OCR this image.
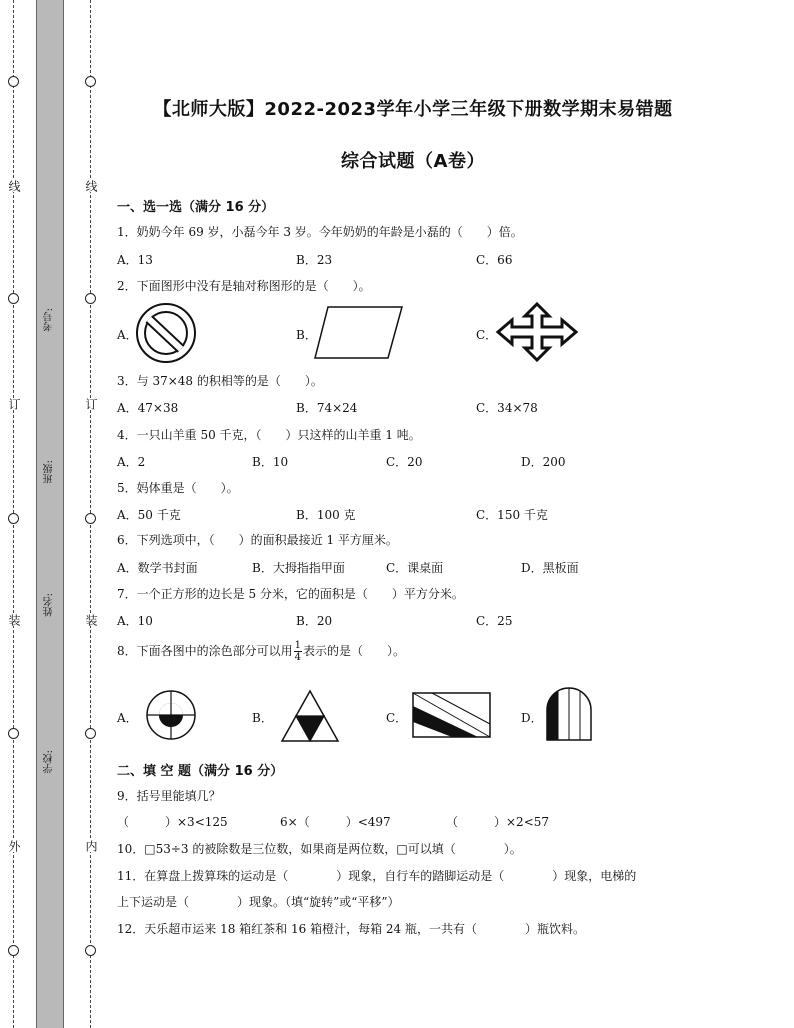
线
订
装
外
线
订
装
内
考号:
班级:
姓名:
学校:
【北师大版】2022-2023学年小学三年级下册数学期末易错题
综合试题（A卷）
一、选一选（满分 16 分）
1．奶奶今年 69 岁，小磊今年 3 岁。今年奶奶的年龄是小磊的（　　）倍。
A．13	B．23	C．66
2．下面图形中没有是轴对称图形的是（　　）。
A．	B．	C．
3．与 37×48 的积相等的是（　　）。
A．47×38	B．74×24	C．34×78
4．一只山羊重 50 千克，（　　）只这样的山羊重 1 吨。
A．2	B．10	C．20	D．200
5．妈体重是（　　）。
A．50 千克	B．100 克	C．150 千克
6．下列选项中，（　　）的面积最接近 1 平方厘米。
A．数学书封面	B．大拇指指甲面	C．课桌面	D．黑板面
7．一个正方形的边长是 5 分米，它的面积是（　　）平方分米。
A．10	B．20	C．25
8．下面各图中的涂色部分可以用 $\frac{1}{4}$ 表示的是（　　）。
A．	B．	C．	D．
二、填 空 题（满分 16 分）
9．括号里能填几？
（　　　）×3<125	6×（　　　）<497	（　　　）×2<57
10．□53÷3 的被除数是三位数，如果商是两位数，□可以填（　　　　）。
11．在算盘上拨算珠的运动是（　　　　）现象，自行车的踏脚运动是（　　　　）现象，电梯的
上下运动是（　　　　）现象。（填“旋转”或“平移”）
12．天乐超市运来 18 箱红茶和 16 箱橙汁，每箱 24 瓶，一共有（　　　　）瓶饮料。
